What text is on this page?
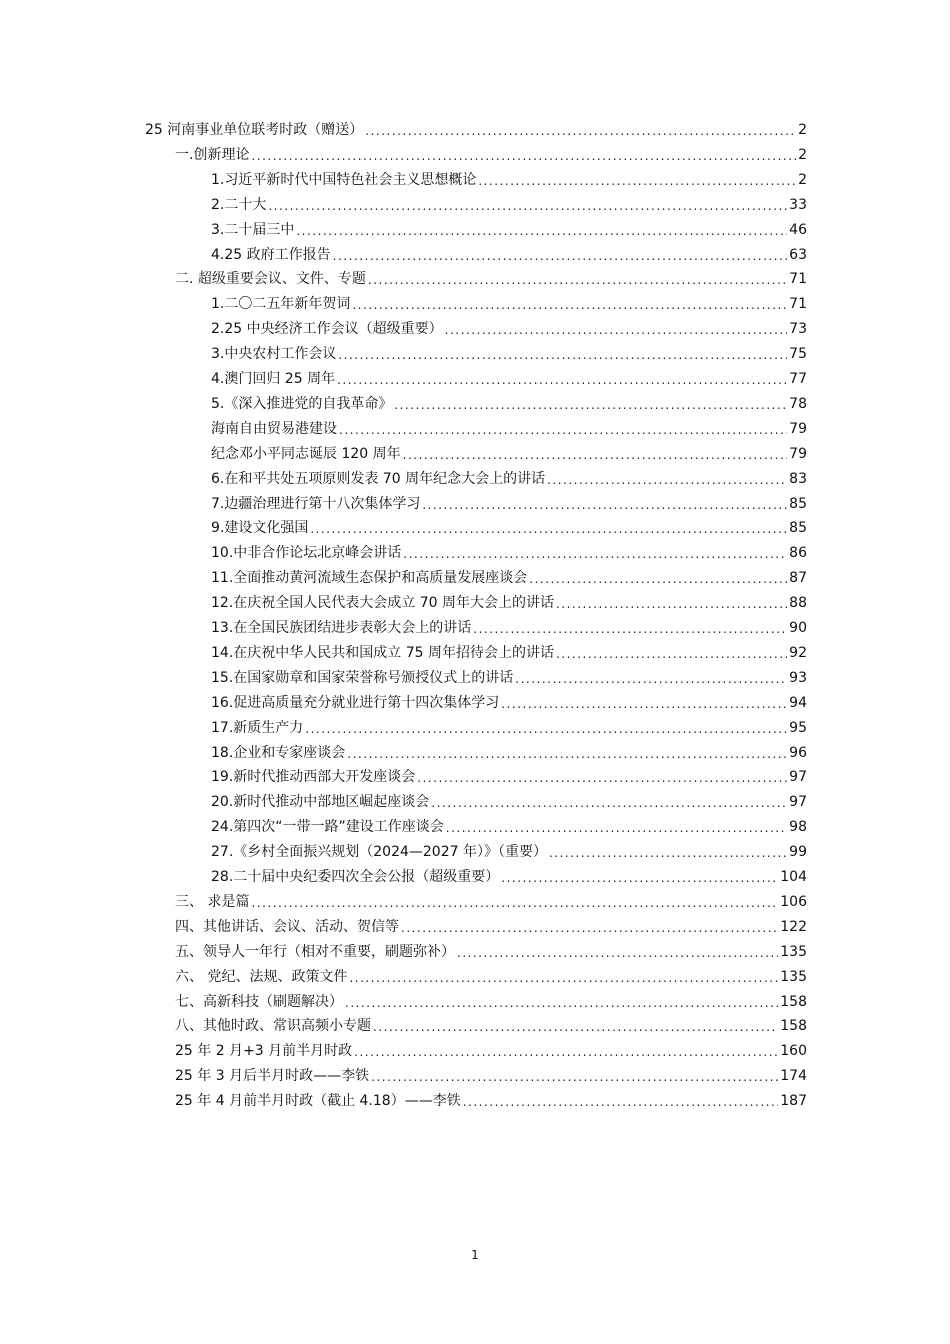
25 河南事业单位联考时政（赠送） .....	2
一.创新理论 .....	2
1.习近平新时代中国特色社会主义思想概论 .....	2
2.二十大 .....	33
3.二十届三中 .....	46
4.25 政府工作报告 .....	63
二. 超级重要会议、文件、专题 .....	71
1.二〇二五年新年贺词 .....	71
2.25 中央经济工作会议（超级重要） .....	73
3.中央农村工作会议 .....	75
4.澳门回归 25 周年 .....	77
5.《深入推进党的自我革命》 .....	78
海南自由贸易港建设 .....	79
纪念邓小平同志诞辰 120 周年 .....	79
6.在和平共处五项原则发表 70 周年纪念大会上的讲话 .....	83
7.边疆治理进行第十八次集体学习 .....	85
9.建设文化强国 .....	85
10.中非合作论坛北京峰会讲话 .....	86
11.全面推动黄河流域生态保护和高质量发展座谈会 .....	87
12.在庆祝全国人民代表大会成立 70 周年大会上的讲话 .....	88
13.在全国民族团结进步表彰大会上的讲话 .....	90
14.在庆祝中华人民共和国成立 75 周年招待会上的讲话 .....	92
15.在国家勋章和国家荣誉称号颁授仪式上的讲话 .....	93
16.促进高质量充分就业进行第十四次集体学习 .....	94
17.新质生产力 .....	95
18.企业和专家座谈会 .....	96
19.新时代推动西部大开发座谈会 .....	97
20.新时代推动中部地区崛起座谈会 .....	97
24.第四次“一带一路”建设工作座谈会 .....	98
27.《乡村全面振兴规划（2024—2027 年）》（重要） .....	99
28.二十届中央纪委四次全会公报（超级重要） .....	104
三、 求是篇 .....	106
四、其他讲话、会议、活动、贺信等 .....	122
五、领导人一年行（相对不重要，刷题弥补） .....	135
六、 党纪、法规、政策文件 .....	135
七、高新科技（刷题解决） .....	158
八、其他时政、常识高频小专题 .....	158
25 年 2 月+3 月前半月时政 .....	160
25 年 3 月后半月时政——李铁 .....	174
25 年 4 月前半月时政（截止 4.18）——李铁 .....	187
1
